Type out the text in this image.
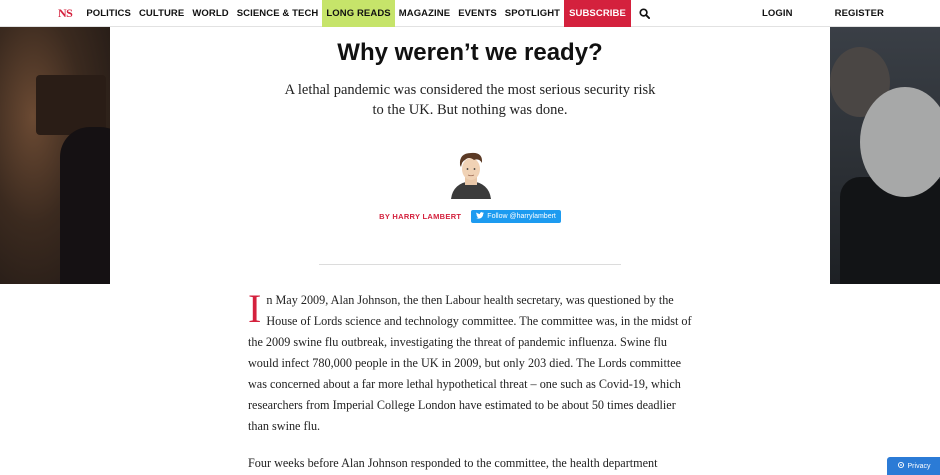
NS	POLITICS CULTURE WORLD SCIENCE & TECH LONG READS MAGAZINE EVENTS SPOTLIGHT SUBSCRIBE	LOGIN	REGISTER
Why weren’t we ready?

A lethal pandemic was considered the most serious security risk to the UK. But nothing was done.

BY HARRY LAMBERT	Follow @harrylambert

In May 2009, Alan Johnson, the then Labour health secretary, was questioned by the House of Lords science and technology committee. The committee was, in the midst of the 2009 swine flu outbreak, investigating the threat of pandemic influenza. Swine flu would infect 780,000 people in the UK in 2009, but only 203 died. The Lords committee was concerned about a far more lethal hypothetical threat – one such as Covid-19, which researchers from Imperial College London have estimated to be about 50 times deadlier than swine flu.

Four weeks before Alan Johnson responded to the committee, the health department	Privacy
